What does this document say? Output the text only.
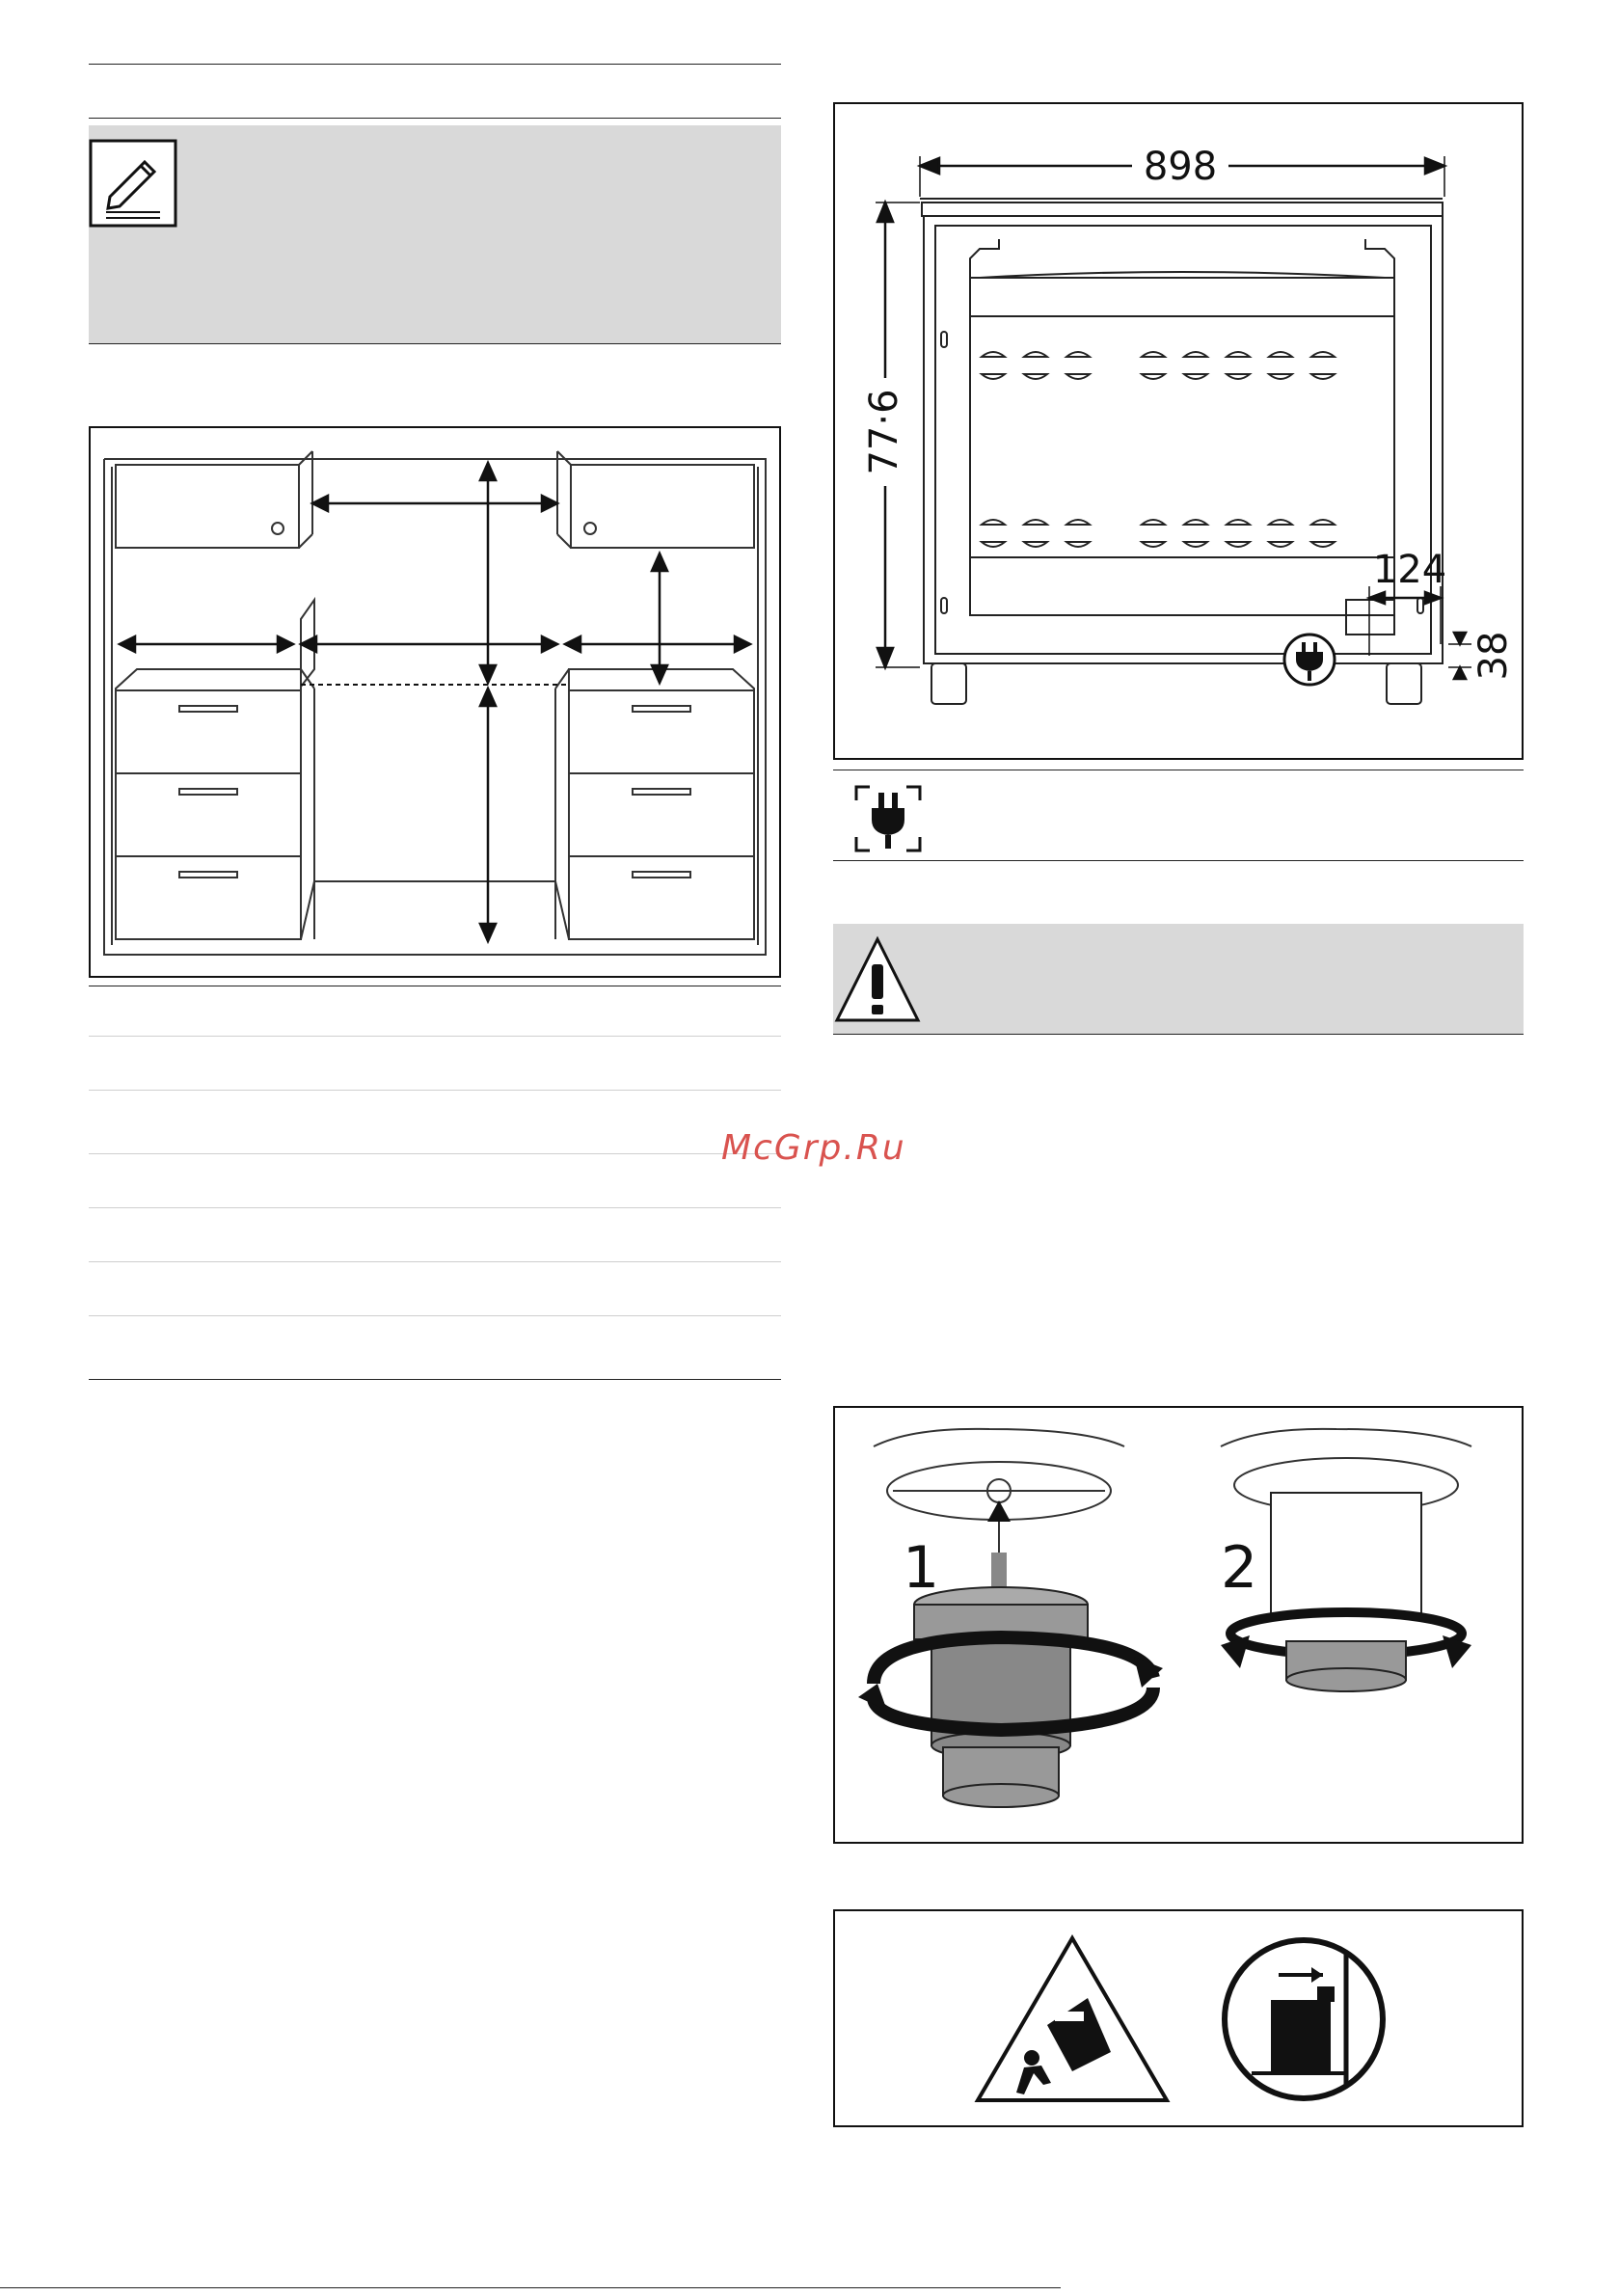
898
77·6
124
38
McGrp.Ru
1	2
